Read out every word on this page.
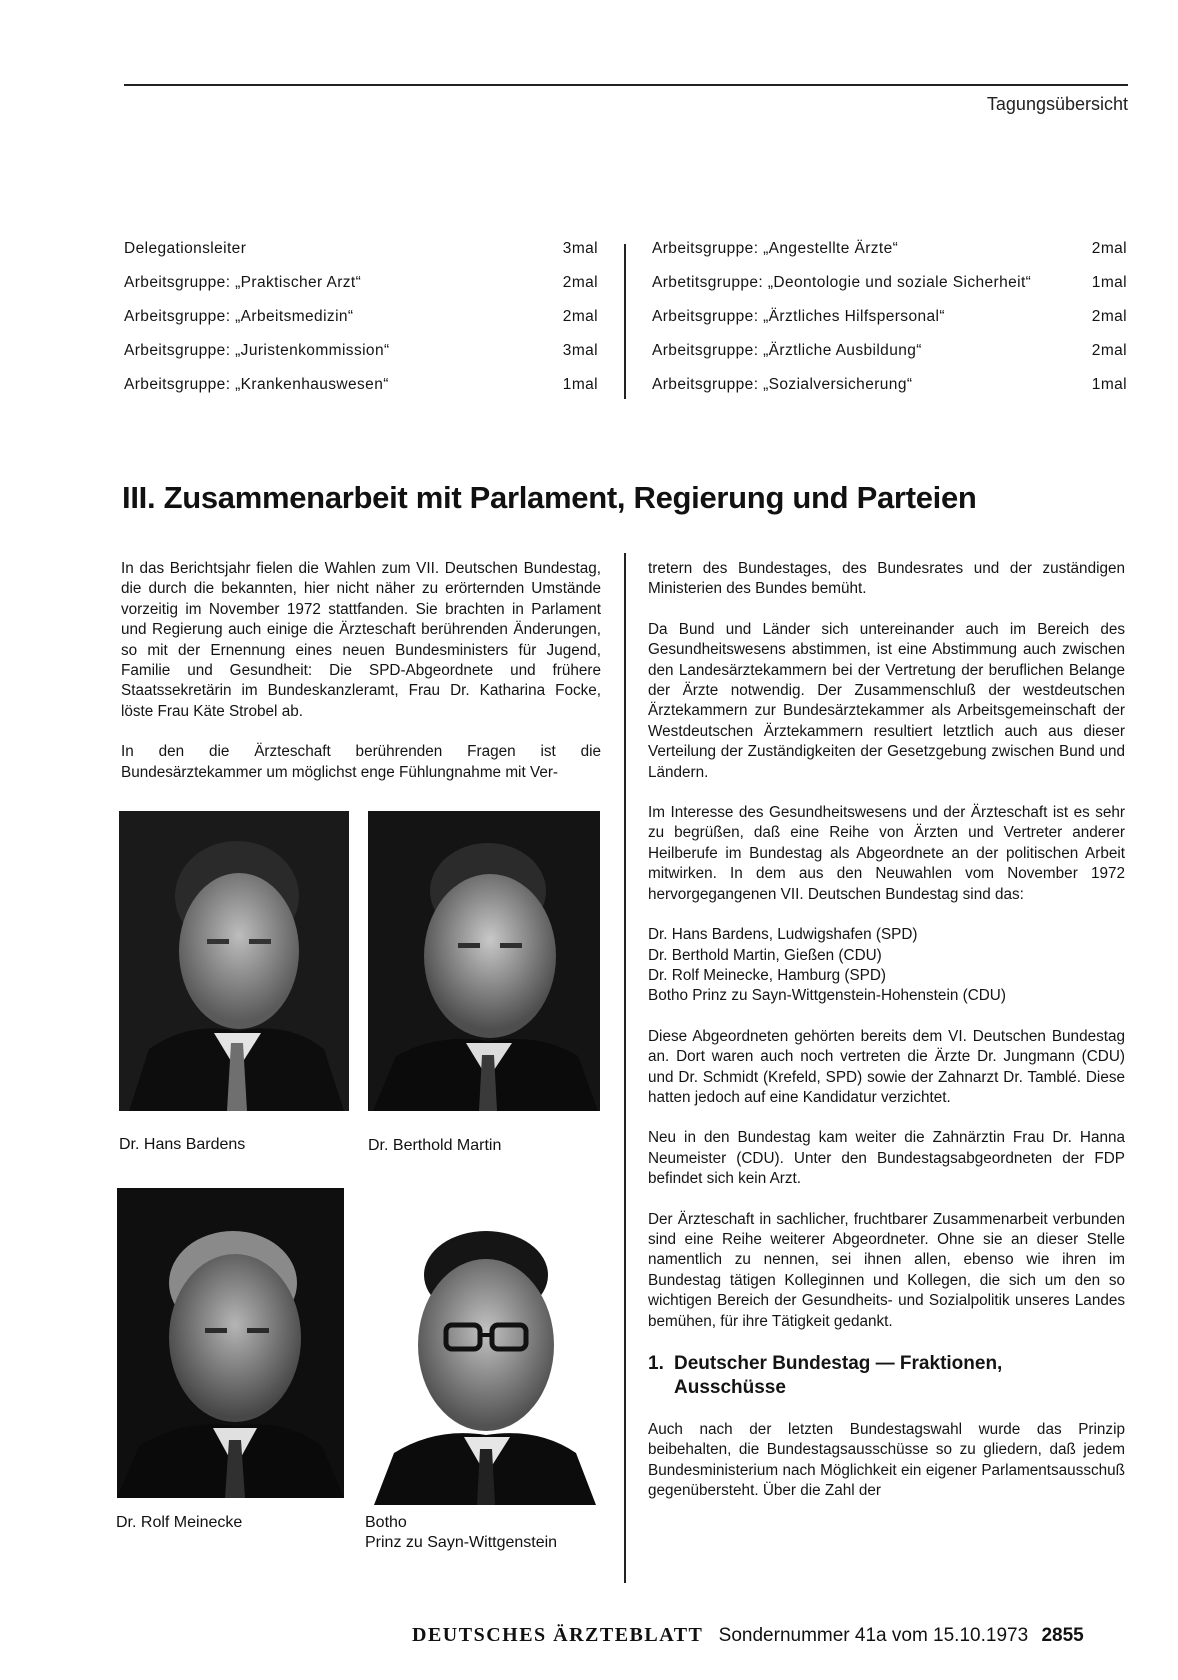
Tagungsübersicht
Delegationsleiter	3mal
Arbeitsgruppe: „Praktischer Arzt“	2mal
Arbeitsgruppe: „Arbeitsmedizin“	2mal
Arbeitsgruppe: „Juristenkommission“	3mal
Arbeitsgruppe: „Krankenhauswesen“	1mal
Arbeitsgruppe: „Angestellte Ärzte“	2mal
Arbetitsgruppe: „Deontologie und soziale Sicherheit“	1mal
Arbeitsgruppe: „Ärztliches Hilfspersonal“	2mal
Arbeitsgruppe: „Ärztliche Ausbildung“	2mal
Arbeitsgruppe: „Sozialversicherung“	1mal
III. Zusammenarbeit mit Parlament, Regierung und Parteien

In das Berichtsjahr fielen die Wahlen zum VII. Deutschen Bundestag, die durch die bekannten, hier nicht näher zu erörternden Umstände vorzeitig im November 1972 stattfanden. Sie brachten in Parlament und Regierung auch einige die Ärzteschaft berührenden Änderungen, so mit der Ernennung eines neuen Bundesministers für Jugend, Familie und Gesundheit: Die SPD-Abgeordnete und frühere Staatssekretärin im Bundeskanzleramt, Frau Dr. Katharina Focke, löste Frau Käte Strobel ab.

In den die Ärzteschaft berührenden Fragen ist die Bundesärztekammer um möglichst enge Fühlungnahme mit Ver-

Dr. Hans Bardens	Dr. Berthold Martin
Dr. Rolf Meinecke	Botho
Prinz zu Sayn-Wittgenstein

tretern des Bundestages, des Bundesrates und der zuständigen Ministerien des Bundes bemüht.

Da Bund und Länder sich untereinander auch im Bereich des Gesundheitswesens abstimmen, ist eine Abstimmung auch zwischen den Landesärztekammern bei der Vertretung der beruflichen Belange der Ärzte notwendig. Der Zusammenschluß der westdeutschen Ärztekammern zur Bundesärztekammer als Arbeitsgemeinschaft der Westdeutschen Ärztekammern resultiert letztlich auch aus dieser Verteilung der Zuständigkeiten der Gesetzgebung zwischen Bund und Ländern.

Im Interesse des Gesundheitswesens und der Ärzteschaft ist es sehr zu begrüßen, daß eine Reihe von Ärzten und Vertreter anderer Heilberufe im Bundestag als Abgeordnete an der politischen Arbeit mitwirken. In dem aus den Neuwahlen vom November 1972 hervorgegangenen VII. Deutschen Bundestag sind das:

Dr. Hans Bardens, Ludwigshafen (SPD)
Dr. Berthold Martin, Gießen (CDU)
Dr. Rolf Meinecke, Hamburg (SPD)
Botho Prinz zu Sayn-Wittgenstein-Hohenstein (CDU)

Diese Abgeordneten gehörten bereits dem VI. Deutschen Bundestag an. Dort waren auch noch vertreten die Ärzte Dr. Jungmann (CDU) und Dr. Schmidt (Krefeld, SPD) sowie der Zahnarzt Dr. Tamblé. Diese hatten jedoch auf eine Kandidatur verzichtet.

Neu in den Bundestag kam weiter die Zahnärztin Frau Dr. Hanna Neumeister (CDU). Unter den Bundestagsabgeordneten der FDP befindet sich kein Arzt.

Der Ärzteschaft in sachlicher, fruchtbarer Zusammenarbeit verbunden sind eine Reihe weiterer Abgeordneter. Ohne sie an dieser Stelle namentlich zu nennen, sei ihnen allen, ebenso wie ihren im Bundestag tätigen Kolleginnen und Kollegen, die sich um den so wichtigen Bereich der Gesundheits- und Sozialpolitik unseres Landes bemühen, für ihre Tätigkeit gedankt.

1. Deutscher Bundestag — Fraktionen,
Ausschüsse

Auch nach der letzten Bundestagswahl wurde das Prinzip beibehalten, die Bundestagsausschüsse so zu gliedern, daß jedem Bundesministerium nach Möglichkeit ein eigener Parlamentsausschuß gegenübersteht. Über die Zahl der

DEUTSCHES ÄRZTEBLATT Sondernummer 41a vom 15.10.1973 2855
